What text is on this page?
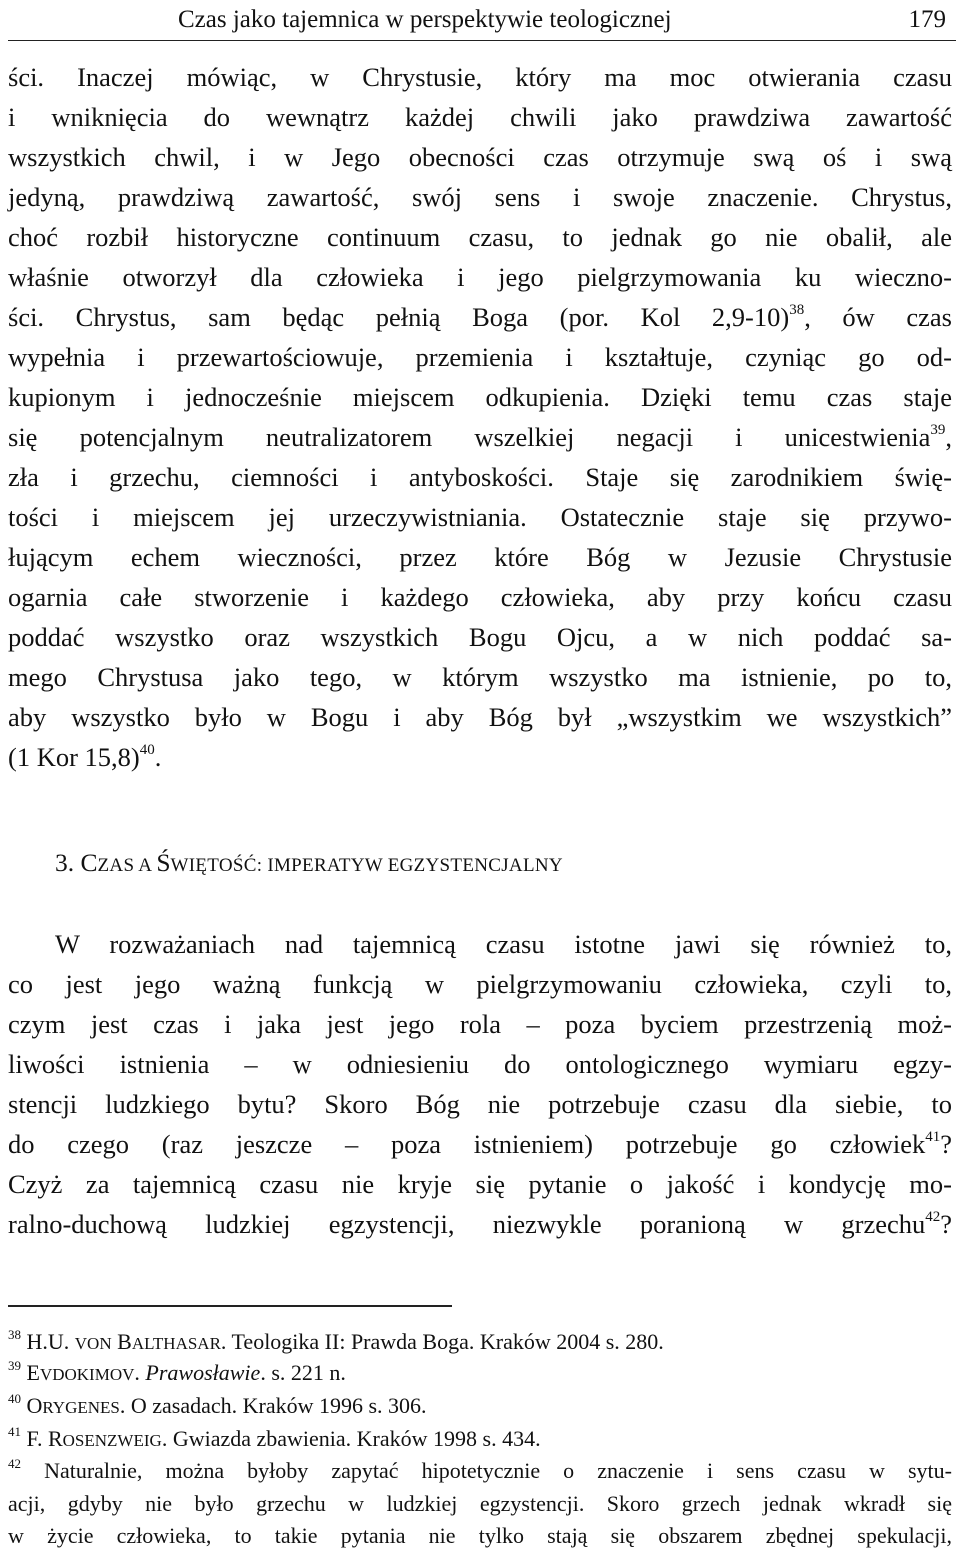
Czas jako tajemnica w perspektywie teologicznej	179
ści. Inaczej mówiąc, w Chrystusie, który ma moc otwierania czasu
i wniknięcia do wewnątrz każdej chwili jako prawdziwa zawartość
wszystkich chwil, i w Jego obecności czas otrzymuje swą oś i swą
jedyną, prawdziwą zawartość, swój sens i swoje znaczenie. Chrystus,
choć rozbił historyczne continuum czasu, to jednak go nie obalił, ale
właśnie otworzył dla człowieka i jego pielgrzymowania ku wieczno-
ści. Chrystus, sam będąc pełnią Boga (por. Kol 2,9-10)$^{38}$, ów czas
wypełnia i przewartościowuje, przemienia i kształtuje, czyniąc go od-
kupionym i jednocześnie miejscem odkupienia. Dzięki temu czas staje
się potencjalnym neutralizatorem wszelkiej negacji i unicestwienia$^{39}$,
zła i grzechu, ciemności i antyboskości. Staje się zarodnikiem świę-
tości i miejscem jej urzeczywistniania. Ostatecznie staje się przywo-
łującym echem wieczności, przez które Bóg w Jezusie Chrystusie
ogarnia całe stworzenie i każdego człowieka, aby przy końcu czasu
poddać wszystko oraz wszystkich Bogu Ojcu, a w nich poddać sa-
mego Chrystusa jako tego, w którym wszystko ma istnienie, po to,
aby wszystko było w Bogu i aby Bóg był „wszystkim we wszystkich”
(1 Kor 15,8)$^{40}$.
3. CZAS A ŚWIĘTOŚĆ: IMPERATYW EGZYSTENCJALNY
W rozważaniach nad tajemnicą czasu istotne jawi się również to,
co jest jego ważną funkcją w pielgrzymowaniu człowieka, czyli to,
czym jest czas i jaka jest jego rola – poza byciem przestrzenią moż-
liwości istnienia – w odniesieniu do ontologicznego wymiaru egzy-
stencji ludzkiego bytu? Skoro Bóg nie potrzebuje czasu dla siebie, to
do czego (raz jeszcze – poza istnieniem) potrzebuje go człowiek$^{41}$?
Czyż za tajemnicą czasu nie kryje się pytanie o jakość i kondycję mo-
ralno-duchową ludzkiej egzystencji, niezwykle poranioną w grzechu$^{42}$?
$^{38}$ H.U. VON BALTHASAR. Teologika II: Prawda Boga. Kraków 2004 s. 280.
$^{39}$ EVDOKIMOV. Prawosławie. s. 221 n.
$^{40}$ ORYGENES. O zasadach. Kraków 1996 s. 306.
$^{41}$ F. ROSENZWEIG. Gwiazda zbawienia. Kraków 1998 s. 434.
$^{42}$ Naturalnie, można byłoby zapytać hipotetycznie o znaczenie i sens czasu w sytu-
acji, gdyby nie było grzechu w ludzkiej egzystencji. Skoro grzech jednak wkradł się
w życie człowieka, to takie pytania nie tylko stają się obszarem zbędnej spekulacji,
